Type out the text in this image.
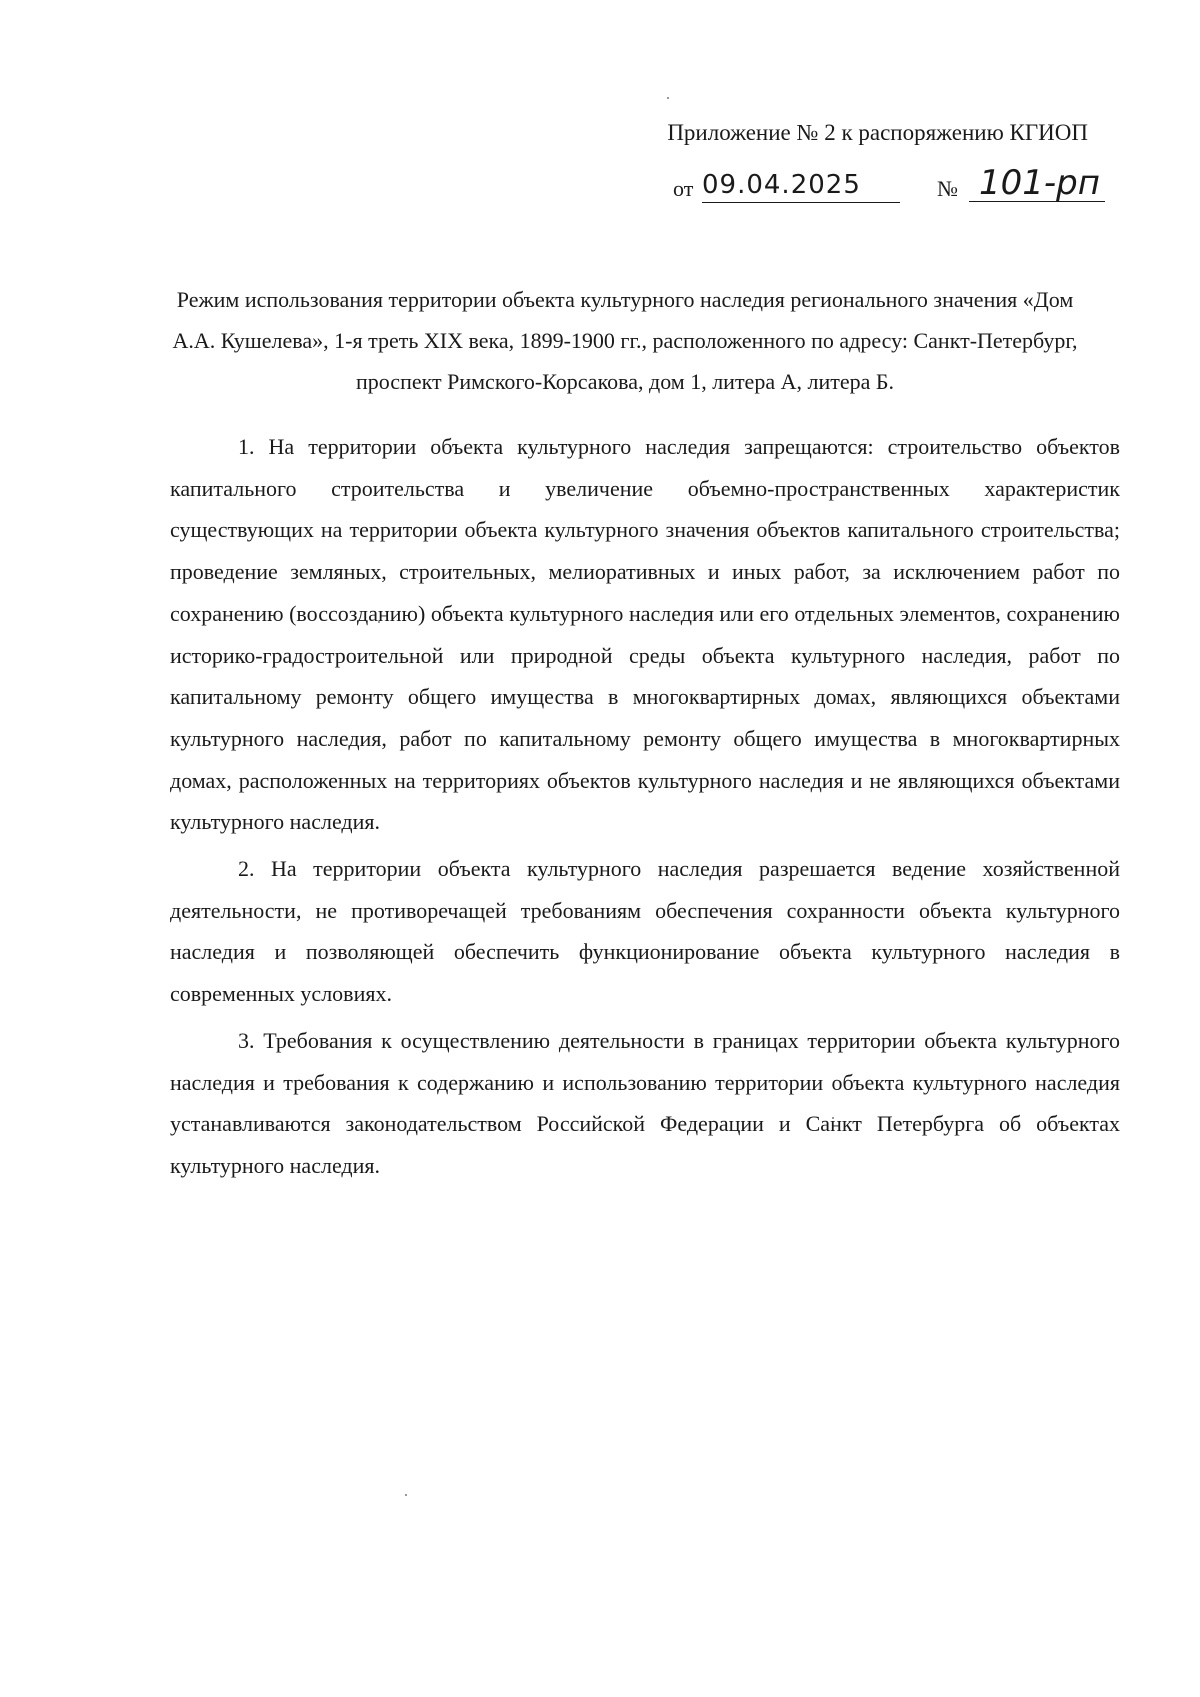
Приложение № 2 к распоряжению КГИОП
от 09.04.2025	№ 101-рп
Режим использования территории объекта культурного наследия регионального значения «Дом А.А. Кушелева», 1-я треть XIX века, 1899-1900 гг., расположенного по адресу: Санкт-Петербург, проспект Римского-Корсакова, дом 1, литера А, литера Б.

1. На территории объекта культурного наследия запрещаются: строительство объектов капитального строительства и увеличение объемно-пространственных характеристик существующих на территории объекта культурного значения объектов капитального строительства; проведение земляных, строительных, мелиоративных и иных работ, за исключением работ по сохранению (воссозданию) объекта культурного наследия или его отдельных элементов, сохранению историко-градостроительной или природной среды объекта культурного наследия, работ по капитальному ремонту общего имущества в многоквартирных домах, являющихся объектами культурного наследия, работ по капитальному ремонту общего имущества в многоквартирных домах, расположенных на территориях объектов культурного наследия и не являющихся объектами культурного наследия.

2. На территории объекта культурного наследия разрешается ведение хозяйственной деятельности, не противоречащей требованиям обеспечения сохранности объекта культурного наследия и позволяющей обеспечить функционирование объекта культурного наследия в современных условиях.

3. Требования к осуществлению деятельности в границах территории объекта культурного наследия и требования к содержанию и использованию территории объекта культурного наследия устанавливаются законодательством Российской Федерации и Санкт Петербурга об объектах культурного наследия.
